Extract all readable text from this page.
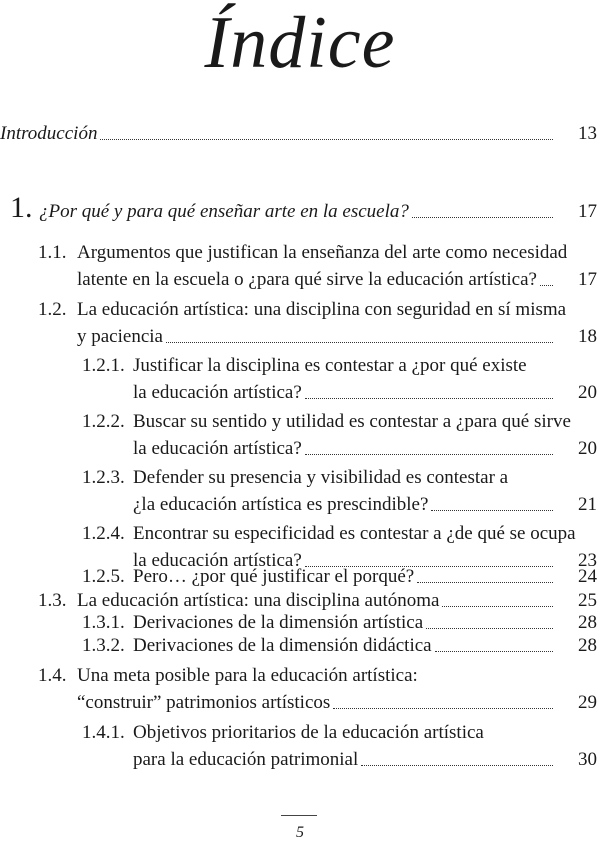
Índice
Introducción	13
1. ¿Por qué y para qué enseñar arte en la escuela?	17
1.1. Argumentos que justifican la enseñanza del arte como necesidad
latente en la escuela o ¿para qué sirve la educación artística? 17
1.2. La educación artística: una disciplina con seguridad en sí misma
y paciencia	18
1.2.1. Justificar la disciplina es contestar a ¿por qué existe
la educación artística?	20
1.2.2. Buscar su sentido y utilidad es contestar a ¿para qué sirve
la educación artística?	20
1.2.3. Defender su presencia y visibilidad es contestar a
¿la educación artística es prescindible?	21
1.2.4. Encontrar su especificidad es contestar a ¿de qué se ocupa
la educación artística?	23
1.2.5. Pero… ¿por qué justificar el porqué?	24
1.3. La educación artística: una disciplina autónoma	25
1.3.1. Derivaciones de la dimensión artística	28
1.3.2. Derivaciones de la dimensión didáctica	28
1.4. Una meta posible para la educación artística:
“construir” patrimonios artísticos	29
1.4.1. Objetivos prioritarios de la educación artística
para la educación patrimonial	30
5
